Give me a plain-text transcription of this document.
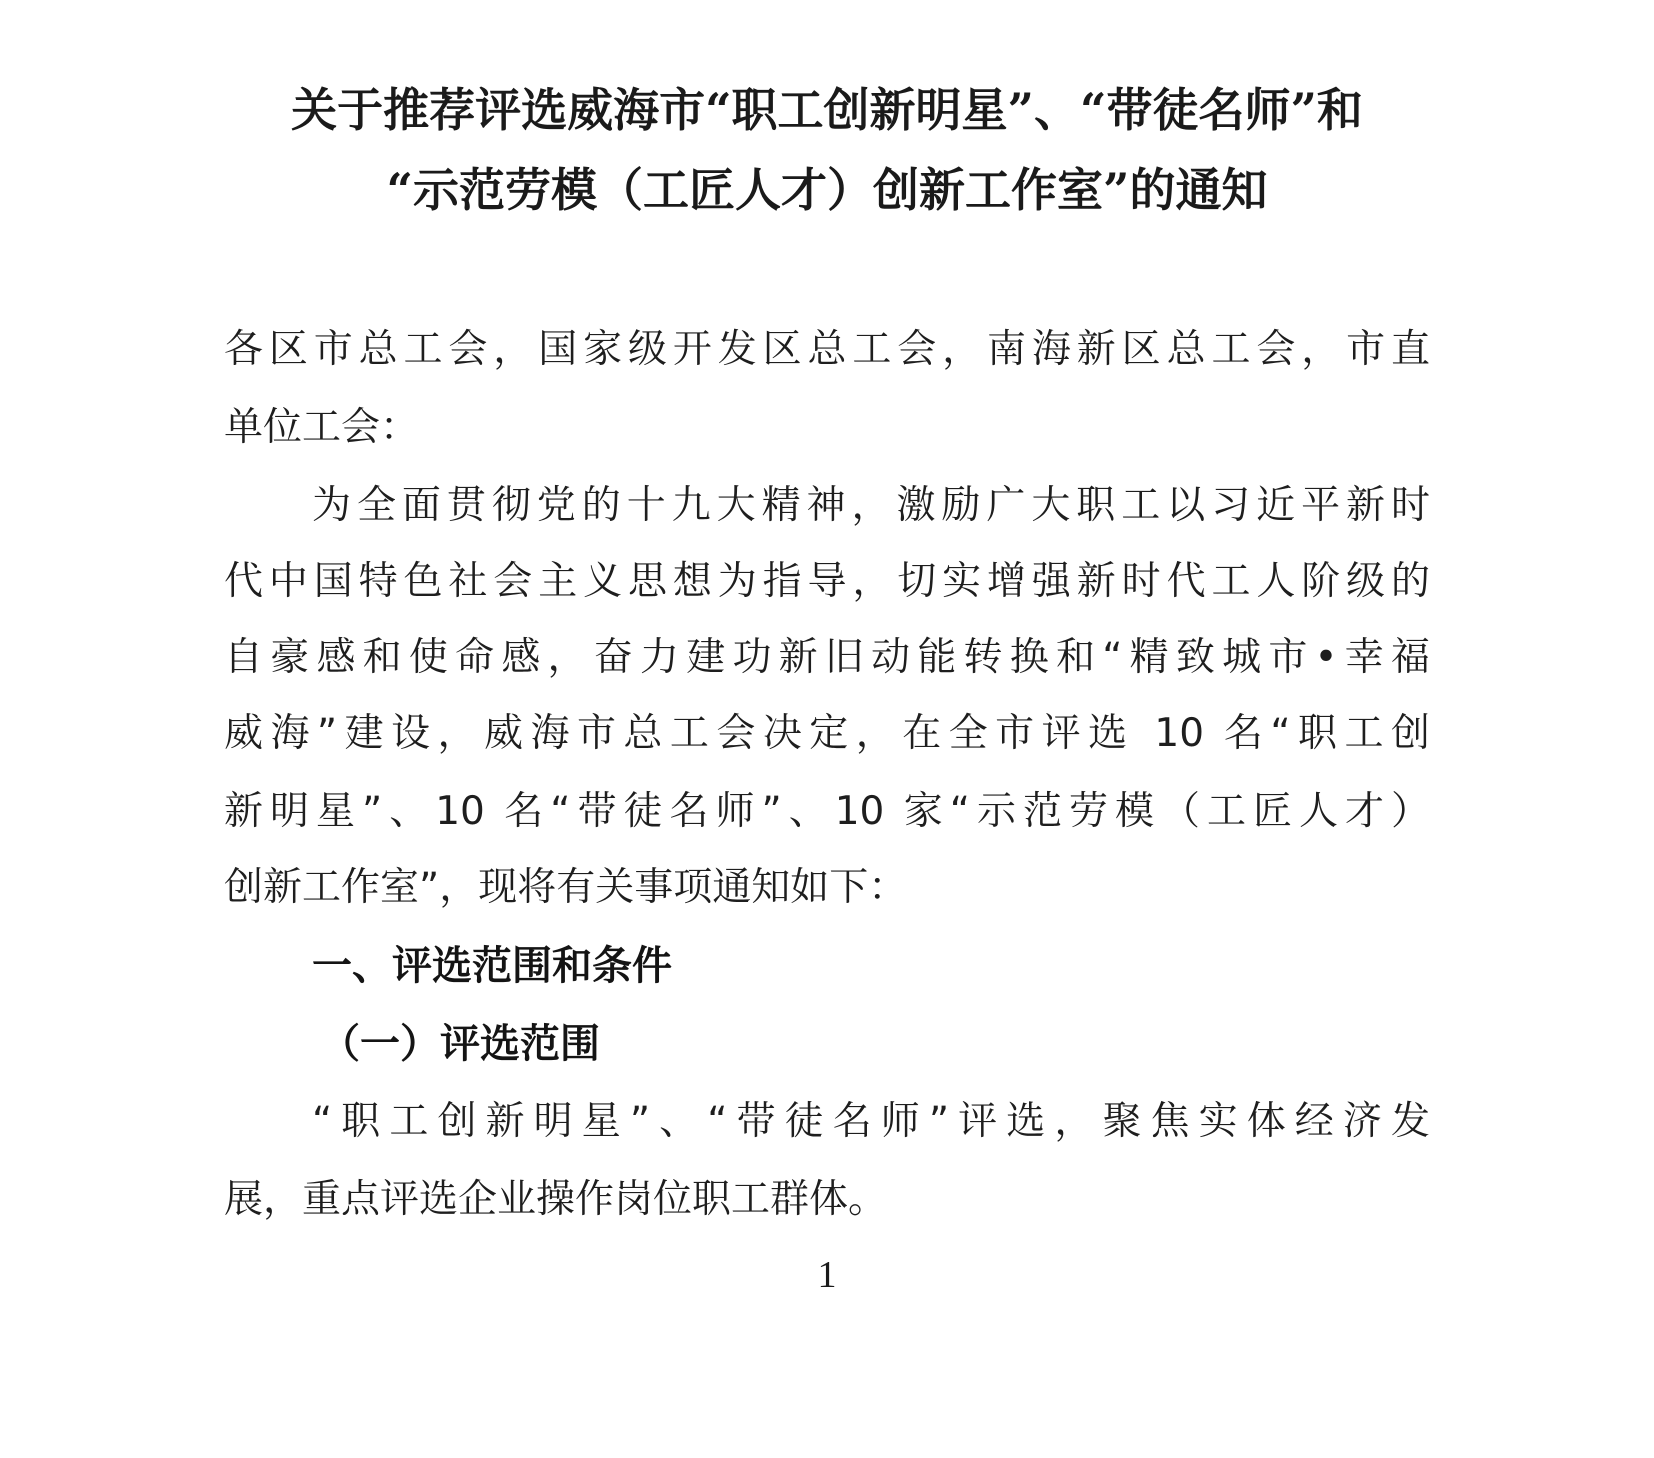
关于推荐评选威海市“职工创新明星”、“带徒名师”和
“示范劳模（工匠人才）创新工作室”的通知

各区市总工会，国家级开发区总工会，南海新区总工会，市直

单位工会：

为全面贯彻党的十九大精神，激励广大职工以习近平新时

代中国特色社会主义思想为指导，切实增强新时代工人阶级的

自豪感和使命感，奋力建功新旧动能转换和“精致城市•幸福

威海”建设，威海市总工会决定，在全市评选 10 名“职工创

新明星”、10 名“带徒名师”、10 家“示范劳模（工匠人才）

创新工作室”，现将有关事项通知如下：

一、评选范围和条件
（一）评选范围

“职工创新明星”、“带徒名师”评选，聚焦实体经济发

展，重点评选企业操作岗位职工群体。

1
